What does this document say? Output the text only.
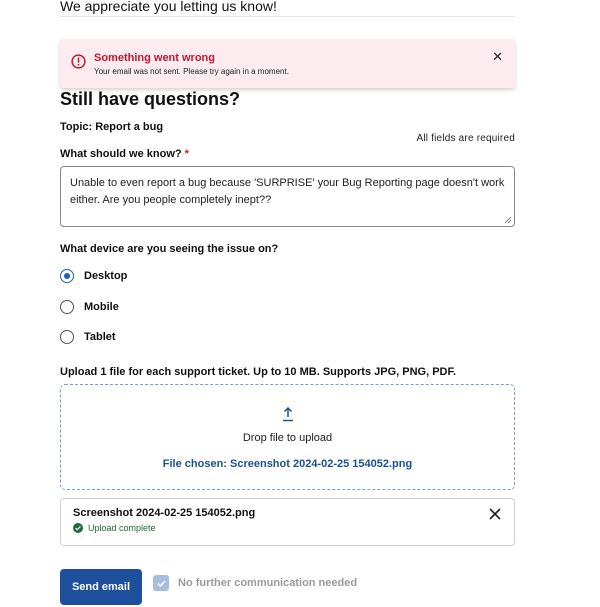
We appreciate you letting us know!
Something went wrong
Your email was not sent. Please try again in a moment.
✕
Still have questions?
Topic: Report a bug
All fields are required
What should we know? *
Unable to even report a bug because 'SURPRISE' your Bug Reporting page doesn't work either. Are you people completely inept??
What device are you seeing the issue on?
Desktop
Mobile
Tablet
Upload 1 file for each support ticket. Up to 10 MB. Supports JPG, PNG, PDF.
Drop file to upload
File chosen: Screenshot 2024-02-25 154052.png
Screenshot 2024-02-25 154052.png
Upload complete
Send email	No further communication needed
